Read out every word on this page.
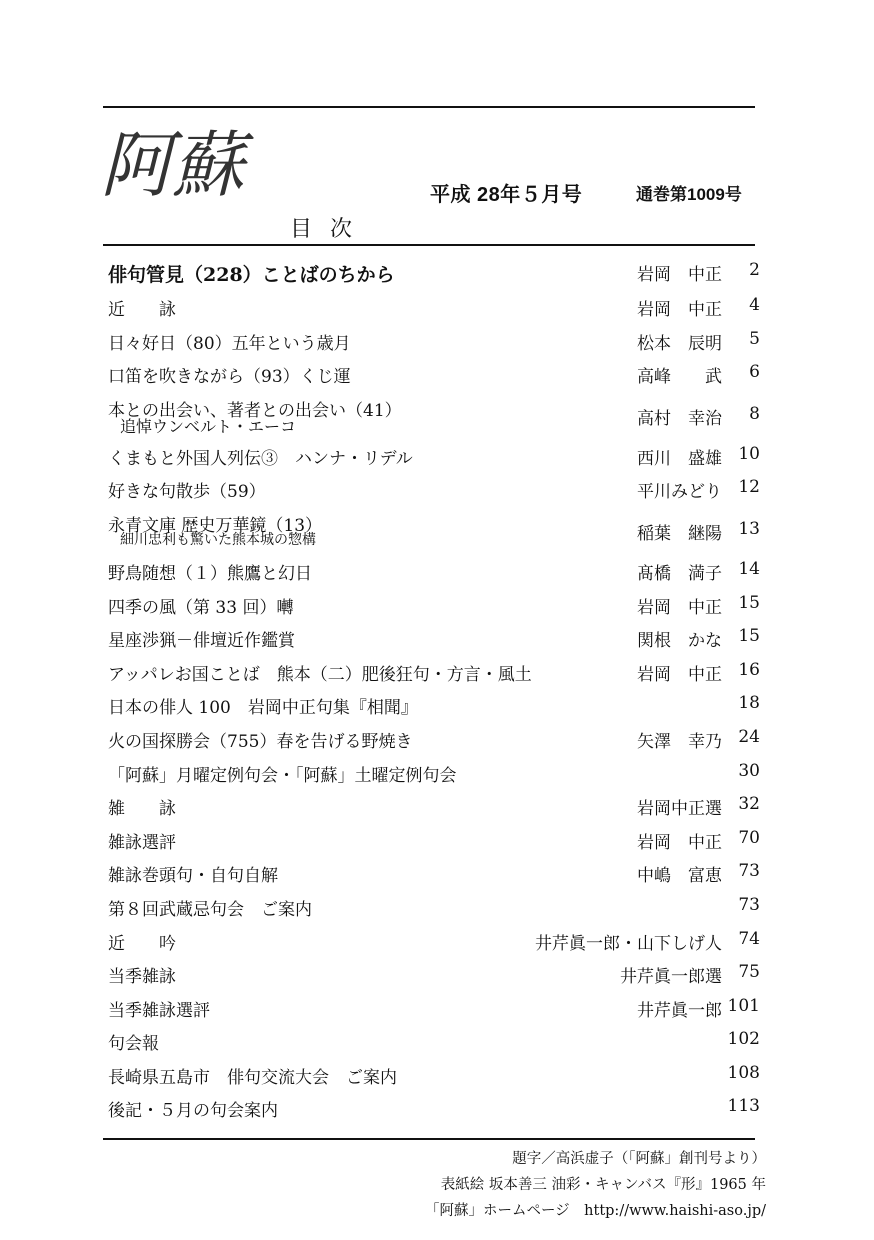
阿蘇	平成 28年５月号	通巻第1009号
目次
俳句管見（228）ことばのちから	岩岡　中正	2
近　　詠	岩岡　中正	4
日々好日（80）五年という歳月	松本　辰明	5
口笛を吹きながら（93）くじ運	高峰　　武	6
本との出会い、著者との出会い（41）
追悼ウンベルト・エーコ	高村　幸治	8
くまもと外国人列伝③　ハンナ・リデル	西川　盛雄 10
好きな句散歩（59）	平川みどり 12
永青文庫 歴史万華鏡（13）
細川忠利も驚いた熊本城の惣構	稲葉　継陽 13
野鳥随想（１）熊鷹と幻日	髙橋　満子 14
四季の風（第 33 回）囀	岩岡　中正 15
星座渉猟－俳壇近作鑑賞	関根　かな 15
アッパレお国ことば　熊本（二）肥後狂句・方言・風土	岩岡　中正 16
日本の俳人 100　岩岡中正句集『相聞』	18
火の国探勝会（755）春を告げる野焼き	矢澤　幸乃 24
「阿蘇」月曜定例句会・「阿蘇」土曜定例句会	30
雑　　詠	岩岡中正選 32
雑詠選評	岩岡　中正 70
雑詠巻頭句・自句自解	中嶋　富恵 73
第８回武蔵忌句会　ご案内	73
近　　吟	井芹眞一郎・山下しげ人 74
当季雑詠	井芹眞一郎選 75
当季雑詠選評	井芹眞一郎 101
句会報	102
長崎県五島市　俳句交流大会　ご案内	108
後記・５月の句会案内	113
題字／高浜虚子（「阿蘇」創刊号より）
表紙絵 坂本善三 油彩・キャンバス『形』1965 年
「阿蘇」ホームページ　http://www.haishi-aso.jp/
